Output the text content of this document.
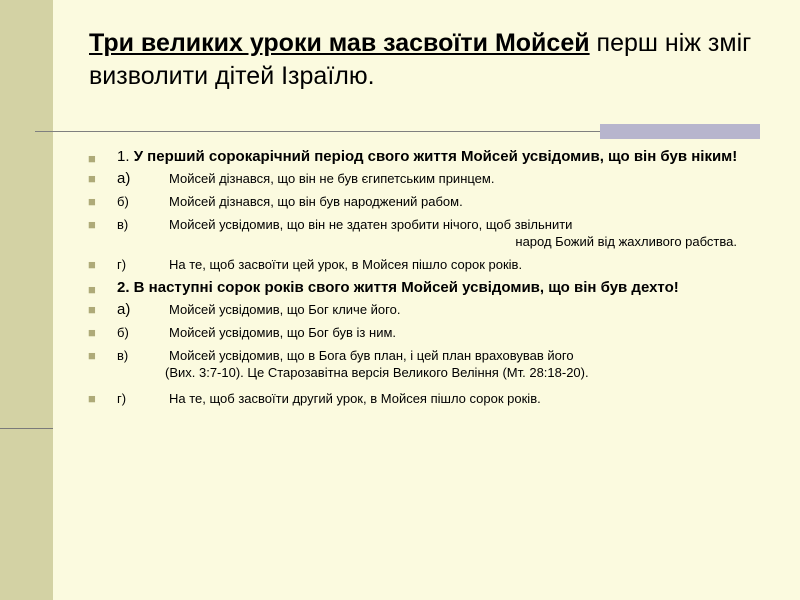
Три великих уроки мав засвоїти Мойсей перш ніж зміг визволити дітей Ізраїлю.
■ 1. У перший сорокарічний період свого життя Мойсей усвідомив, що він був ніким!
■ а)	Мойсей дізнався, що він не був єгипетським принцем.
■ б)	Мойсей дізнався, що він був народжений рабом.
■ в)	Мойсей усвідомив, що він не здатен зробити нічого, щоб звільнити
народ Божий від жахливого рабства.
■ г)	На те, щоб засвоїти цей урок, в Мойсея пішло сорок років.
■ 2. В наступні сорок років свого життя Мойсей усвідомив, що він був дехто!
■ а)	Мойсей усвідомив, що Бог кличе його.
■ б)	Мойсей усвідомив, що Бог був із ним.
■ в)	Мойсей усвідомив, що в Бога був план, і цей план враховував його
(Вих. 3:7-10). Це Старозавітна версія Великого Веління (Мт. 28:18-20).
■ г)	На те, щоб засвоїти другий урок, в Мойсея пішло сорок років.
